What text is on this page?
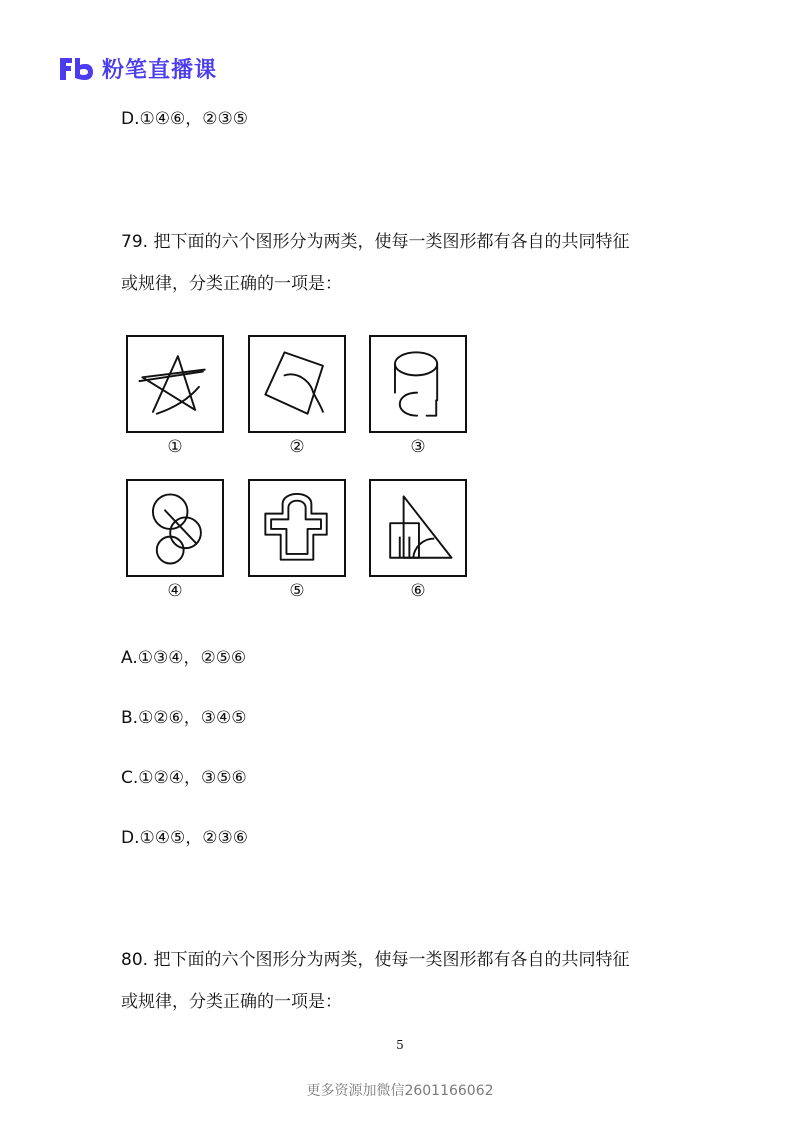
粉笔直播课
D.①④⑥，②③⑤
79. 把下面的六个图形分为两类，使每一类图形都有各自的共同特征
或规律，分类正确的一项是：
①	②	③
④	⑤	⑥
A.①③④，②⑤⑥
B.①②⑥，③④⑤
C.①②④，③⑤⑥
D.①④⑤，②③⑥
80. 把下面的六个图形分为两类，使每一类图形都有各自的共同特征
或规律，分类正确的一项是：
5
更多资源加微信2601166062
